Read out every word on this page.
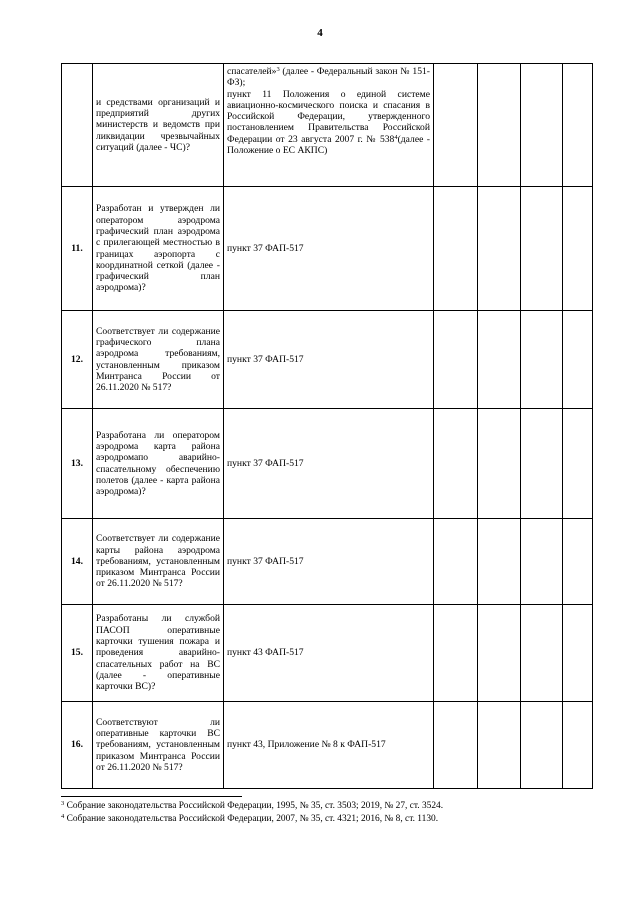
4
	и средствами организаций и предприятий других министерств и ведомств при ликвидации чрезвычайных ситуаций (далее - ЧС)?	спасателей»$^3$ (далее - Федеральный закон № 151-ФЗ);
пункт 11 Положения о единой системе авиационно-космического поиска и спасания в Российской Федерации, утвержденного постановлением Правительства Российской Федерации от 23 августа 2007 г. № $538^4(далее$ - Положение о ЕС АКПС)				
11.	Разработан и утвержден ли оператором аэродрома графический план аэродрома с прилегающей местностью в границах аэропорта с координатной сеткой (далее - графический план аэродрома)?	пункт 37 ФАП-517				
12.	Соответствует ли содержание графического плана аэродрома требованиям, установленным приказом Минтранса России от 26.11.2020 № 517?	пункт 37 ФАП-517				
13.	Разработана ли оператором аэродрома карта района аэродромапо аварийно-спасательному обеспечению полетов (далее - карта района аэродрома)?	пункт 37 ФАП-517				
14.	Соответствует ли содержание карты района аэродрома требованиям, установленным приказом Минтранса России от 26.11.2020 № 517?	пункт 37 ФАП-517				
15.	Разработаны ли службой ПАСОП оперативные карточки тушения пожара и проведения аварийно-спасательных работ на ВС (далее - оперативные карточки ВС)?	пункт 43 ФАП-517				
16.	Соответствуют ли оперативные карточки ВС требованиям, установленным приказом Минтранса России от 26.11.2020 № 517?	пункт 43, Приложение № 8 к ФАП-517				
$^3$ Собрание законодательства Российской Федерации, 1995, № 35, ст. 3503; 2019, № 27, ст. 3524.
$^4$ Собрание законодательства Российской Федерации, 2007, № 35, ст. 4321; 2016, № 8, ст. 1130.
